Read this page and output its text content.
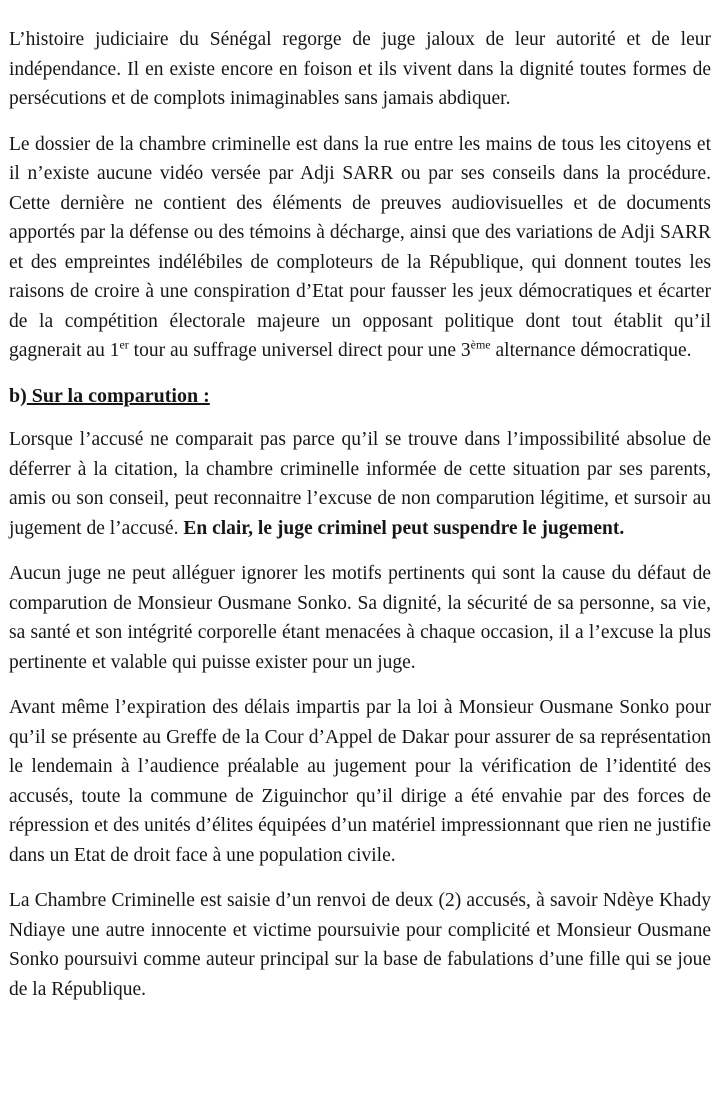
L’histoire judiciaire du Sénégal regorge de juge jaloux de leur autorité et de leur indépendance. Il en existe encore en foison et ils vivent dans la dignité toutes formes de persécutions et de complots inimaginables sans jamais abdiquer.

Le dossier de la chambre criminelle est dans la rue entre les mains de tous les citoyens et il n’existe aucune vidéo versée par Adji SARR ou par ses conseils dans la procédure. Cette dernière ne contient des éléments de preuves audiovisuelles et de documents apportés par la défense ou des témoins à décharge, ainsi que des variations de Adji SARR et des empreintes indélébiles de comploteurs de la République, qui donnent toutes les raisons de croire à une conspiration d’Etat pour fausser les jeux démocratiques et écarter de la compétition électorale majeure un opposant politique dont tout établit qu’il gagnerait au 1er tour au suffrage universel direct pour une 3ème alternance démocratique.

b) Sur la comparution :

Lorsque l’accusé ne comparait pas parce qu’il se trouve dans l’impossibilité absolue de déferrer à la citation, la chambre criminelle informée de cette situation par ses parents, amis ou son conseil, peut reconnaitre l’excuse de non comparution légitime, et sursoir au jugement de l’accusé. En clair, le juge criminel peut suspendre le jugement.

Aucun juge ne peut alléguer ignorer les motifs pertinents qui sont la cause du défaut de comparution de Monsieur Ousmane Sonko. Sa dignité, la sécurité de sa personne, sa vie, sa santé et son intégrité corporelle étant menacées à chaque occasion, il a l’excuse la plus pertinente et valable qui puisse exister pour un juge.

Avant même l’expiration des délais impartis par la loi à Monsieur Ousmane Sonko pour qu’il se présente au Greffe de la Cour d’Appel de Dakar pour assurer de sa représentation le lendemain à l’audience préalable au jugement pour la vérification de l’identité des accusés, toute la commune de Ziguinchor qu’il dirige a été envahie par des forces de répression et des unités d’élites équipées d’un matériel impressionnant que rien ne justifie dans un Etat de droit face à une population civile.

La Chambre Criminelle est saisie d’un renvoi de deux (2) accusés, à savoir Ndèye Khady Ndiaye une autre innocente et victime poursuivie pour complicité et Monsieur Ousmane Sonko poursuivi comme auteur principal sur la base de fabulations d’une fille qui se joue de la République.
